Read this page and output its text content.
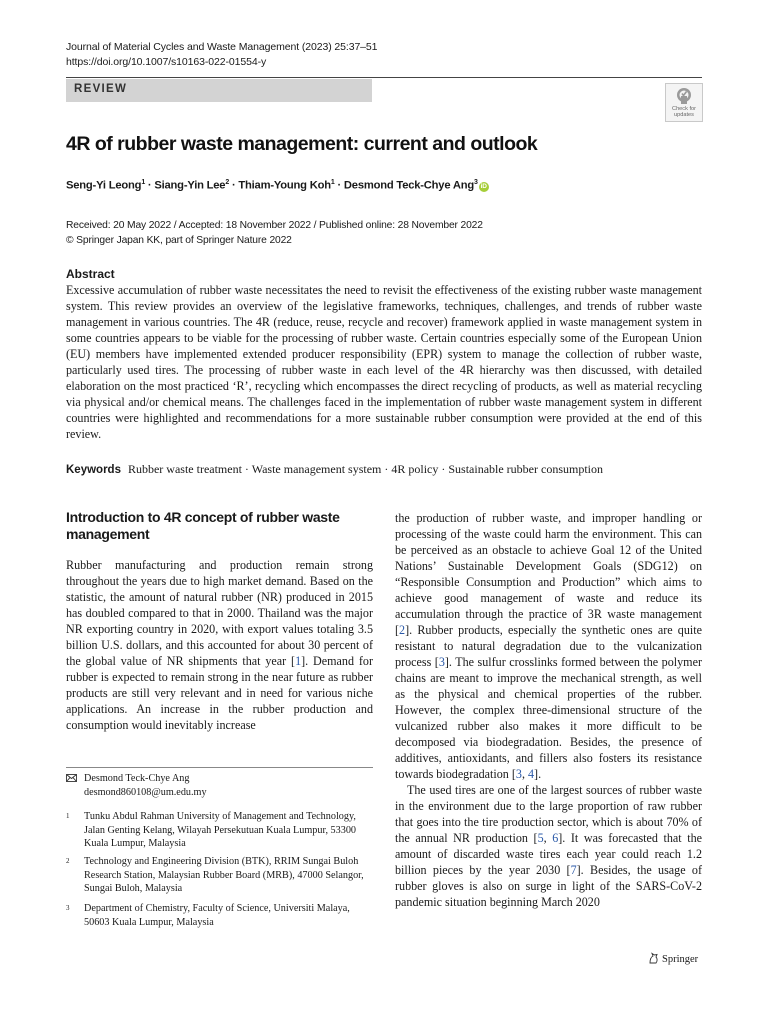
Journal of Material Cycles and Waste Management (2023) 25:37–51
https://doi.org/10.1007/s10163-022-01554-y
REVIEW
Check for updates
4R of rubber waste management: current and outlook
Seng-Yi Leong$^1$ · Siang-Yin Lee$^2$ · Thiam-Young Koh$^1$ · Desmond Teck-Chye Ang$^3$iD
Received: 20 May 2022 / Accepted: 18 November 2022 / Published online: 28 November 2022
© Springer Japan KK, part of Springer Nature 2022
Abstract
Excessive accumulation of rubber waste necessitates the need to revisit the effectiveness of the existing rubber waste management system. This review provides an overview of the legislative frameworks, techniques, challenges, and trends of rubber waste management in various countries. The 4R (reduce, reuse, recycle and recover) framework applied in waste management system in some countries appears to be viable for the processing of rubber waste. Certain countries especially some of the European Union (EU) members have implemented extended producer responsibility (EPR) system to manage the collection of rubber waste, particularly used tires. The processing of rubber waste in each level of the 4R hierarchy was then discussed, with detailed elaboration on the most practiced ‘R’, recycling which encompasses the direct recycling of products, as well as material recycling via physical and/or chemical means. The challenges faced in the implementation of rubber waste management system in different countries were highlighted and recommendations for a more sustainable rubber consumption were provided at the end of this review.
Keywords Rubber waste treatment · Waste management system · 4R policy · Sustainable rubber consumption
Introduction to 4R concept of rubber waste management

Rubber manufacturing and production remain strong throughout the years due to high market demand. Based on the statistic, the amount of natural rubber (NR) produced in 2015 has doubled compared to that in 2000. Thailand was the major NR exporting country in 2020, with export values totaling 3.5 billion U.S. dollars, and this accounted for about 30 percent of the global value of NR shipments that year [1]. Demand for rubber is expected to remain strong in the near future as rubber products are still very relevant and in need for various niche applications. An increase in the rubber production and consumption would inevitably increase

the production of rubber waste, and improper handling or processing of the waste could harm the environment. This can be perceived as an obstacle to achieve Goal 12 of the United Nations’ Sustainable Development Goals (SDG12) on “Responsible Consumption and Production” which aims to achieve good management of waste and reduce its accumulation through the practice of 3R waste management [2]. Rubber products, especially the synthetic ones are quite resistant to natural degradation due to the vulcanization process [3]. The sulfur crosslinks formed between the polymer chains are meant to improve the mechanical strength, as well as the physical and chemical properties of the rubber. However, the complex three-dimensional structure of the vulcanized rubber also makes it more difficult to be decomposed via biodegradation. Besides, the presence of additives, antioxidants, and fillers also fosters its resistance towards biodegradation [3, 4].

The used tires are one of the largest sources of rubber waste in the environment due to the large proportion of raw rubber that goes into the tire production sector, which is about 70% of the annual NR production [5, 6]. It was forecasted that the amount of discarded waste tires each year could reach 1.2 billion pieces by the year 2030 [7]. Besides, the usage of rubber gloves is also on surge in light of the SARS-CoV-2 pandemic situation beginning March 2020

Desmond Teck-Chye Ang
desmond860108@um.edu.my
1	Tunku Abdul Rahman University of Management and Technology, Jalan Genting Kelang, Wilayah Persekutuan Kuala Lumpur, 53300 Kuala Lumpur, Malaysia
2	Technology and Engineering Division (BTK), RRIM Sungai Buloh Research Station, Malaysian Rubber Board (MRB), 47000 Selangor, Sungai Buloh, Malaysia
3	Department of Chemistry, Faculty of Science, Universiti Malaya, 50603 Kuala Lumpur, Malaysia
Springer
